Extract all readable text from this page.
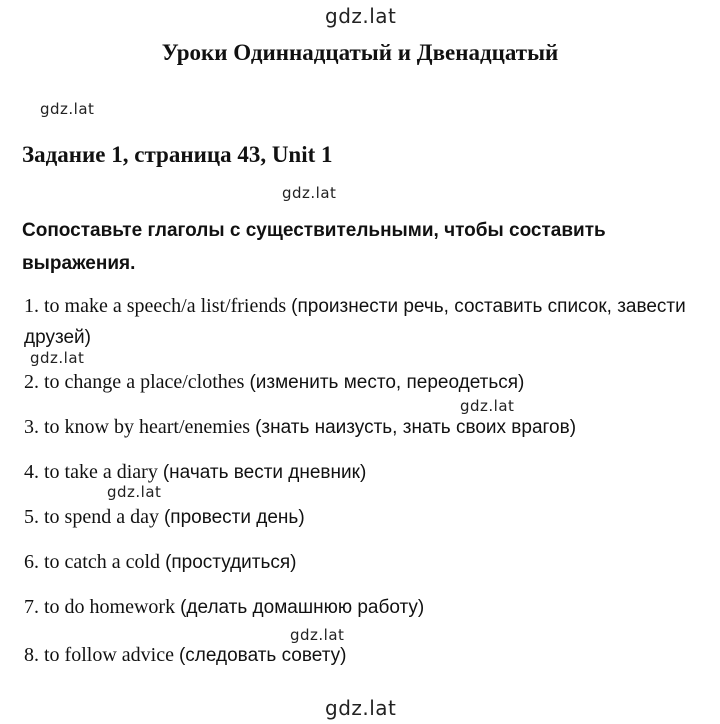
gdz.lat
gdz.lat
gdz.lat
gdz.lat
gdz.lat
gdz.lat
gdz.lat
gdz.lat
Уроки Одиннадцатый и Двенадцатый
Задание 1, страница 43, Unit 1
Сопоставьте глаголы с существительными, чтобы составить выражения.
1. to make a speech/a list/friends (произнести речь, составить список, завести друзей)
2. to change a place/clothes (изменить место, переодеться)
3. to know by heart/enemies (знать наизусть, знать своих врагов)
4. to take a diary (начать вести дневник)
5. to spend a day (провести день)
6. to catch a cold (простудиться)
7. to do homework (делать домашнюю работу)
8. to follow advice (следовать совету)
